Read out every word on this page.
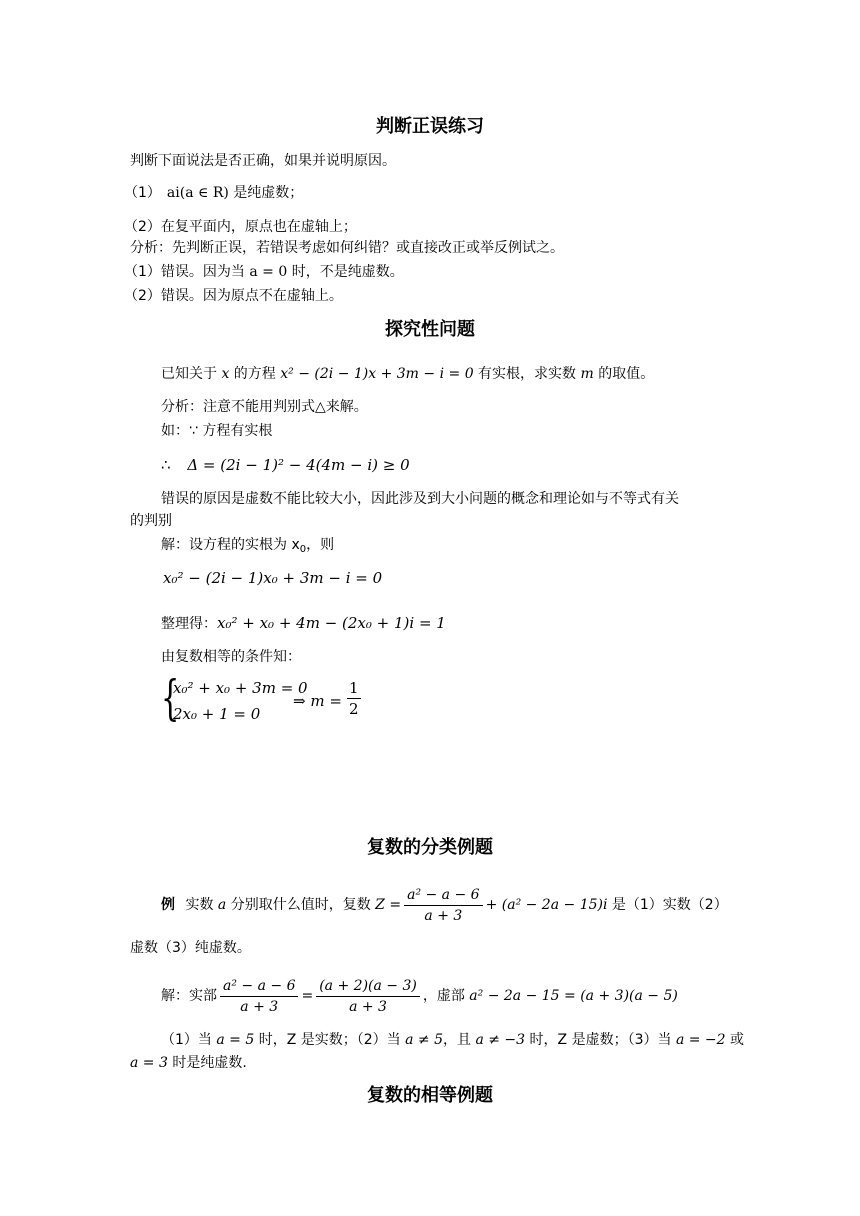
判断正误练习
判断下面说法是否正确，如果并说明原因。
（1） ai(a ∈ R) 是纯虚数；
（2）在复平面内，原点也在虚轴上；
分析：先判断正误，若错误考虑如何纠错？或直接改正或举反例试之。
（1）错误。因为当 a = 0 时，不是纯虚数。
（2）错误。因为原点不在虚轴上。
探究性问题
已知关于 x 的方程 x² − (2i − 1)x + 3m − i = 0 有实根，求实数 m 的取值。
分析：注意不能用判别式△来解。
如：∵ 方程有实根
∴ Δ = (2i − 1)² − 4(4m − i) ≥ 0
错误的原因是虚数不能比较大小，因此涉及到大小问题的概念和理论如与不等式有关
的判别
解：设方程的实根为 $x_0$，则
x₀² − (2i − 1)x₀ + 3m − i = 0
整理得：x₀² + x₀ + 4m − (2x₀ + 1)i = 1
由复数相等的条件知：
{
x₀² + x₀ + 3m = 0
2x₀ + 1 = 0
⇒ $m = \frac{1}{2}$
复数的分类例题
例 实数 a 分别取什么值时，复数 $Z = \frac{\text{a² − a − 6}}{a + 3} + (a^2 - 2a - 15)i$ 是（1）实数（2）
虚数（3）纯虚数。
解：实部 $\frac{\text{a² − a − 6}}{a + 3} = \frac{(a + 2)(a - 3)}{a + 3}$ ，虚部 a² − 2a − 15 = (a + 3)(a − 5)
（1）当 a = 5 时，Z 是实数；（2）当 a ≠ 5，且 a ≠ −3 时，Z 是虚数；（3）当 a = −2 或
a = 3 时是纯虚数.
复数的相等例题
